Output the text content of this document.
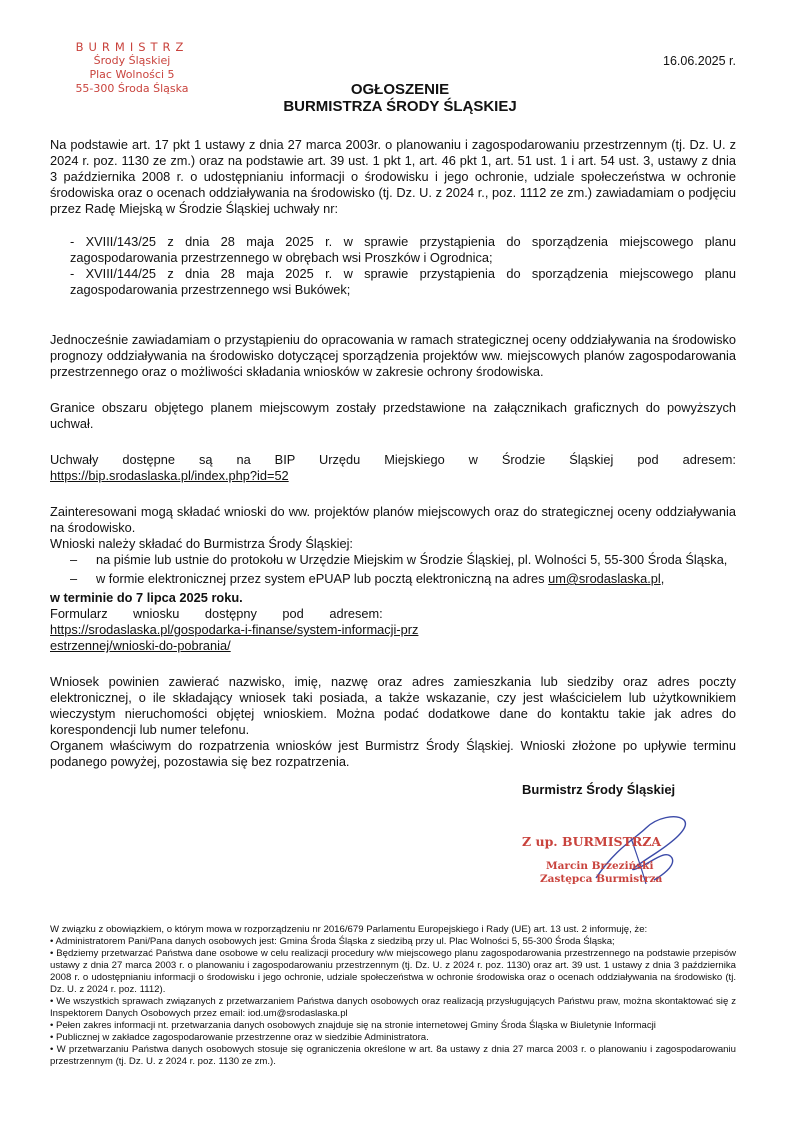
BURMISTRZ
Środy Śląskiej
Plac Wolności 5
55-300 Środa Śląska
16.06.2025 r.
OGŁOSZENIE
BURMISTRZA ŚRODY ŚLĄSKIEJ

Na podstawie art. 17 pkt 1 ustawy z dnia 27 marca 2003r. o planowaniu i zagospodarowaniu przestrzennym (tj. Dz. U. z 2024 r. poz. 1130 ze zm.) oraz na podstawie art. 39 ust. 1 pkt 1, art. 46 pkt 1, art. 51 ust. 1 i art. 54 ust. 3, ustawy z dnia 3 października 2008 r. o udostępnianiu informacji o środowisku i jego ochronie, udziale społeczeństwa w ochronie środowiska oraz o ocenach oddziaływania na środowisko (tj. Dz. U. z 2024 r., poz. 1112 ze zm.) zawiadamiam o podjęciu przez Radę Miejską w Środzie Śląskiej uchwały nr:

- XVIII/143/25 z dnia 28 maja 2025 r. w sprawie przystąpienia do sporządzenia miejscowego planu zagospodarowania przestrzennego w obrębach wsi Proszków i Ogrodnica;

- XVIII/144/25 z dnia 28 maja 2025 r. w sprawie przystąpienia do sporządzenia miejscowego planu zagospodarowania przestrzennego wsi Bukówek;

Jednocześnie zawiadamiam o przystąpieniu do opracowania w ramach strategicznej oceny oddziaływania na środowisko prognozy oddziaływania na środowisko dotyczącej sporządzenia projektów ww. miejscowych planów zagospodarowania przestrzennego oraz o możliwości składania wniosków w zakresie ochrony środowiska.

Granice obszaru objętego planem miejscowym zostały przedstawione na załącznikach graficznych do powyższych uchwał.

Uchwały dostępne są na BIP Urzędu Miejskiego w Środzie Śląskiej pod adresem:

https://bip.srodaslaska.pl/index.php?id=52

Zainteresowani mogą składać wnioski do ww. projektów planów miejscowych oraz do strategicznej oceny oddziaływania na środowisko.

Wnioski należy składać do Burmistrza Środy Śląskiej:

–	na piśmie lub ustnie do protokołu w Urzędzie Miejskim w Środzie Śląskiej, pl. Wolności 5, 55-300 Środa Śląska,
–	w formie elektronicznej przez system ePUAP lub pocztą elektroniczną na adres um@srodaslaska.pl,

w terminie do 7 lipca 2025 roku.

Formularz wniosku dostępny pod adresem:
https://srodaslaska.pl/gospodarka-i-finanse/system-informacji-przestrzennej/wnioski-do-pobrania/

Wniosek powinien zawierać nazwisko, imię, nazwę oraz adres zamieszkania lub siedziby oraz adres poczty elektronicznej, o ile składający wniosek taki posiada, a także wskazanie, czy jest właścicielem lub użytkownikiem wieczystym nieruchomości objętej wnioskiem. Można podać dodatkowe dane do kontaktu takie jak adres do korespondencji lub numer telefonu.

Organem właściwym do rozpatrzenia wniosków jest Burmistrz Środy Śląskiej. Wnioski złożone po upływie terminu podanego powyżej, pozostawia się bez rozpatrzenia.

Burmistrz Środy Śląskiej
Z up. BURMISTRZA
Marcin Brzeziński
Zastępca Burmistrza

W związku z obowiązkiem, o którym mowa w rozporządzeniu nr 2016/679 Parlamentu Europejskiego i Rady (UE) art. 13 ust. 2 informuję, że:

• Administratorem Pani/Pana danych osobowych jest: Gmina Środa Śląska z siedzibą przy ul. Plac Wolności 5, 55-300 Środa Śląska;

• Będziemy przetwarzać Państwa dane osobowe w celu realizacji procedury w/w miejscowego planu zagospodarowania przestrzennego na podstawie przepisów ustawy z dnia 27 marca 2003 r. o planowaniu i zagospodarowaniu przestrzennym (tj. Dz. U. z 2024 r. poz. 1130) oraz art. 39 ust. 1 ustawy z dnia 3 października 2008 r. o udostępnianiu informacji o środowisku i jego ochronie, udziale społeczeństwa w ochronie środowiska oraz o ocenach oddziaływania na środowisko (tj. Dz. U. z 2024 r. poz. 1112).

• We wszystkich sprawach związanych z przetwarzaniem Państwa danych osobowych oraz realizacją przysługujących Państwu praw, można skontaktować się z Inspektorem Danych Osobowych przez email: iod.um@srodaslaska.pl

• Pełen zakres informacji nt. przetwarzania danych osobowych znajduje się na stronie internetowej Gminy Środa Śląska w Biuletynie Informacji

• Publicznej w zakładce zagospodarowanie przestrzenne oraz w siedzibie Administratora.

• W przetwarzaniu Państwa danych osobowych stosuje się ograniczenia określone w art. 8a ustawy z dnia 27 marca 2003 r. o planowaniu i zagospodarowaniu przestrzennym (tj. Dz. U. z 2024 r. poz. 1130 ze zm.).
